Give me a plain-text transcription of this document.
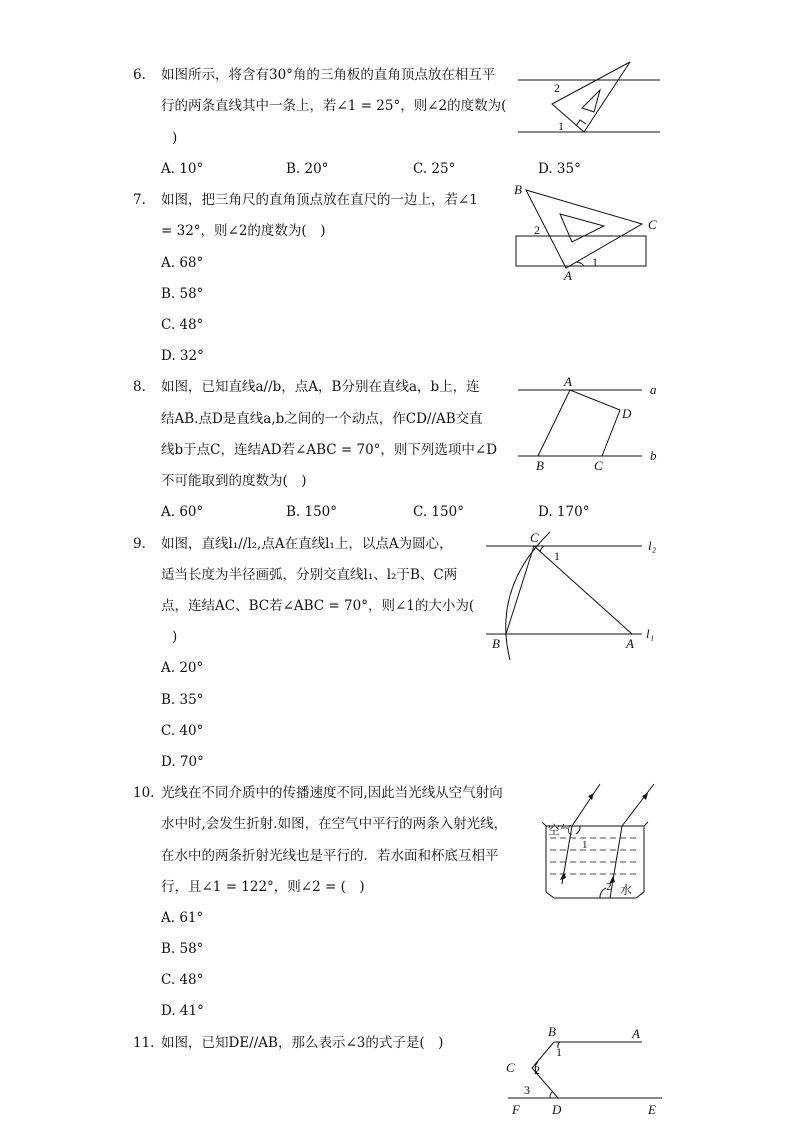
6. 如图所示，将含有30°角的三角板的直角顶点放在相互平
行的两条直线其中一条上，若∠1 = 25°，则∠2的度数为(
)
A. 10°	B. 20°	C. 25°	D. 35°
2
1
7. 如图，把三角尺的直角顶点放在直尺的一边上，若∠1
= 32°，则∠2的度数为(　)
A. 68°
B. 58°
C. 48°
D. 32°
B
C
2
1
A
8. 如图，已知直线a//b，点A，B分别在直线a，b上，连
结AB.点D是直线a,b之间的一个动点，作CD//AB交直
线b于点C，连结AD若∠ABC = 70°，则下列选项中∠D
不可能取到的度数为(　)
A. 60°	B. 150°	C. 150°	D. 170°
A
a
D
B	C
b
9. 如图，直线l₁//l₂,点A在直线l₁上，以点A为圆心，
适当长度为半径画弧，分别交直线l₁、l₂于B、C两
点，连结AC、BC若∠ABC = 70°，则∠1的大小为(
)
A. 20°
B. 35°
C. 40°
D. 70°
C
1
l₂
B	A
l₁
10. 光线在不同介质中的传播速度不同,因此当光线从空气射向
水中时,会发生折射.如图，在空气中平行的两条入射光线，
在水中的两条折射光线也是平行的．若水面和杯底互相平
行，且∠1 = 122°，则∠2 = (　)
A. 61°
B. 58°
C. 48°
D. 41°
空气
1
2 水
11. 如图，已知DE//AB，那么表示∠3的式子是(　)
B	A
1
C 2
3
F D	E
